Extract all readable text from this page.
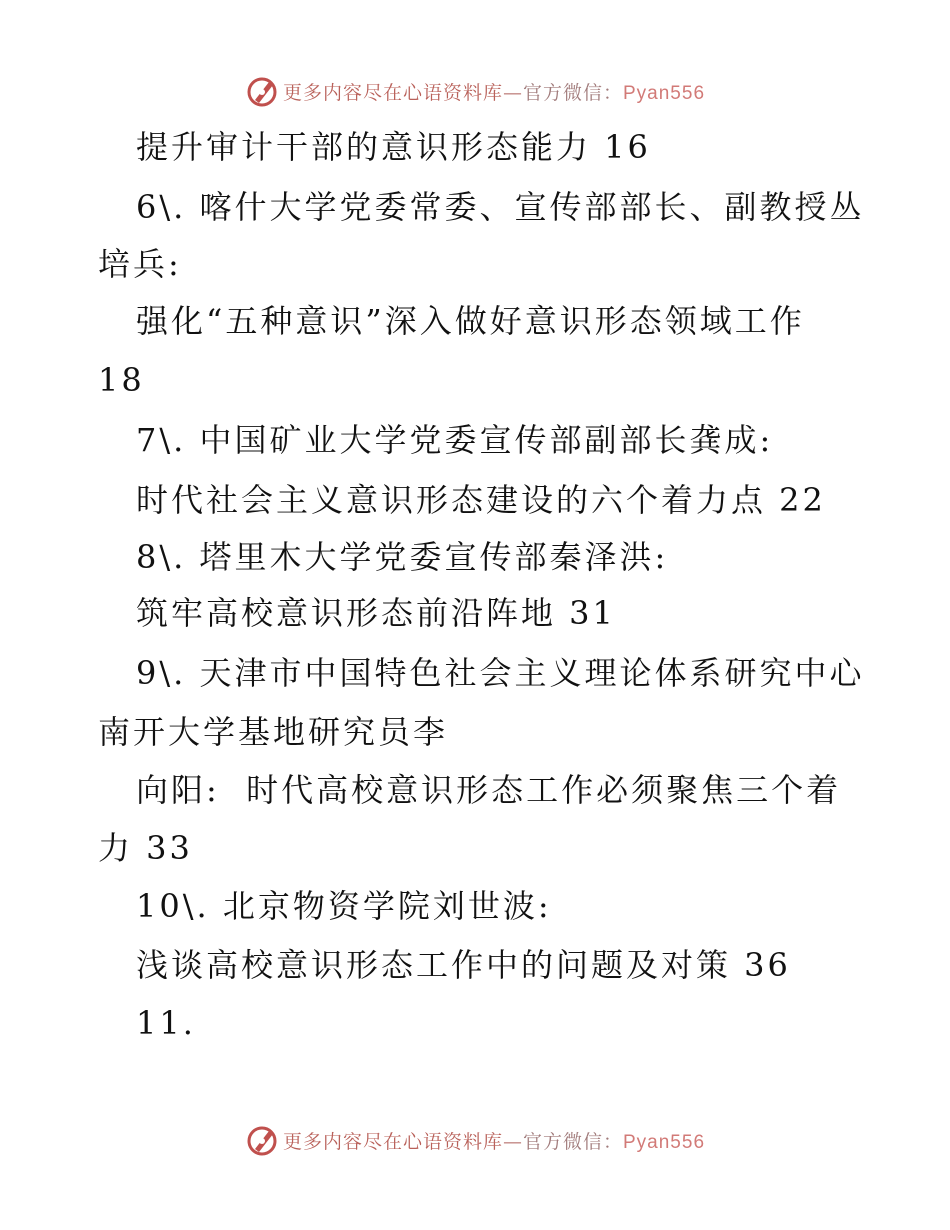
更多内容尽在心语资料库—官方微信：Pyan556
提升审计干部的意识形态能力 16
6\. 喀什大学党委常委、宣传部部长、副教授丛
培兵:
强化“五种意识”深入做好意识形态领域工作
18
7\. 中国矿业大学党委宣传部副部长龚成:
时代社会主义意识形态建设的六个着力点 22
8\. 塔里木大学党委宣传部秦泽洪:
筑牢高校意识形态前沿阵地 31
9\. 天津市中国特色社会主义理论体系研究中心
南开大学基地研究员李
向阳:  时代高校意识形态工作必须聚焦三个着
力 33
10\. 北京物资学院刘世波:
浅谈高校意识形态工作中的问题及对策 36
11.
更多内容尽在心语资料库—官方微信：Pyan556
